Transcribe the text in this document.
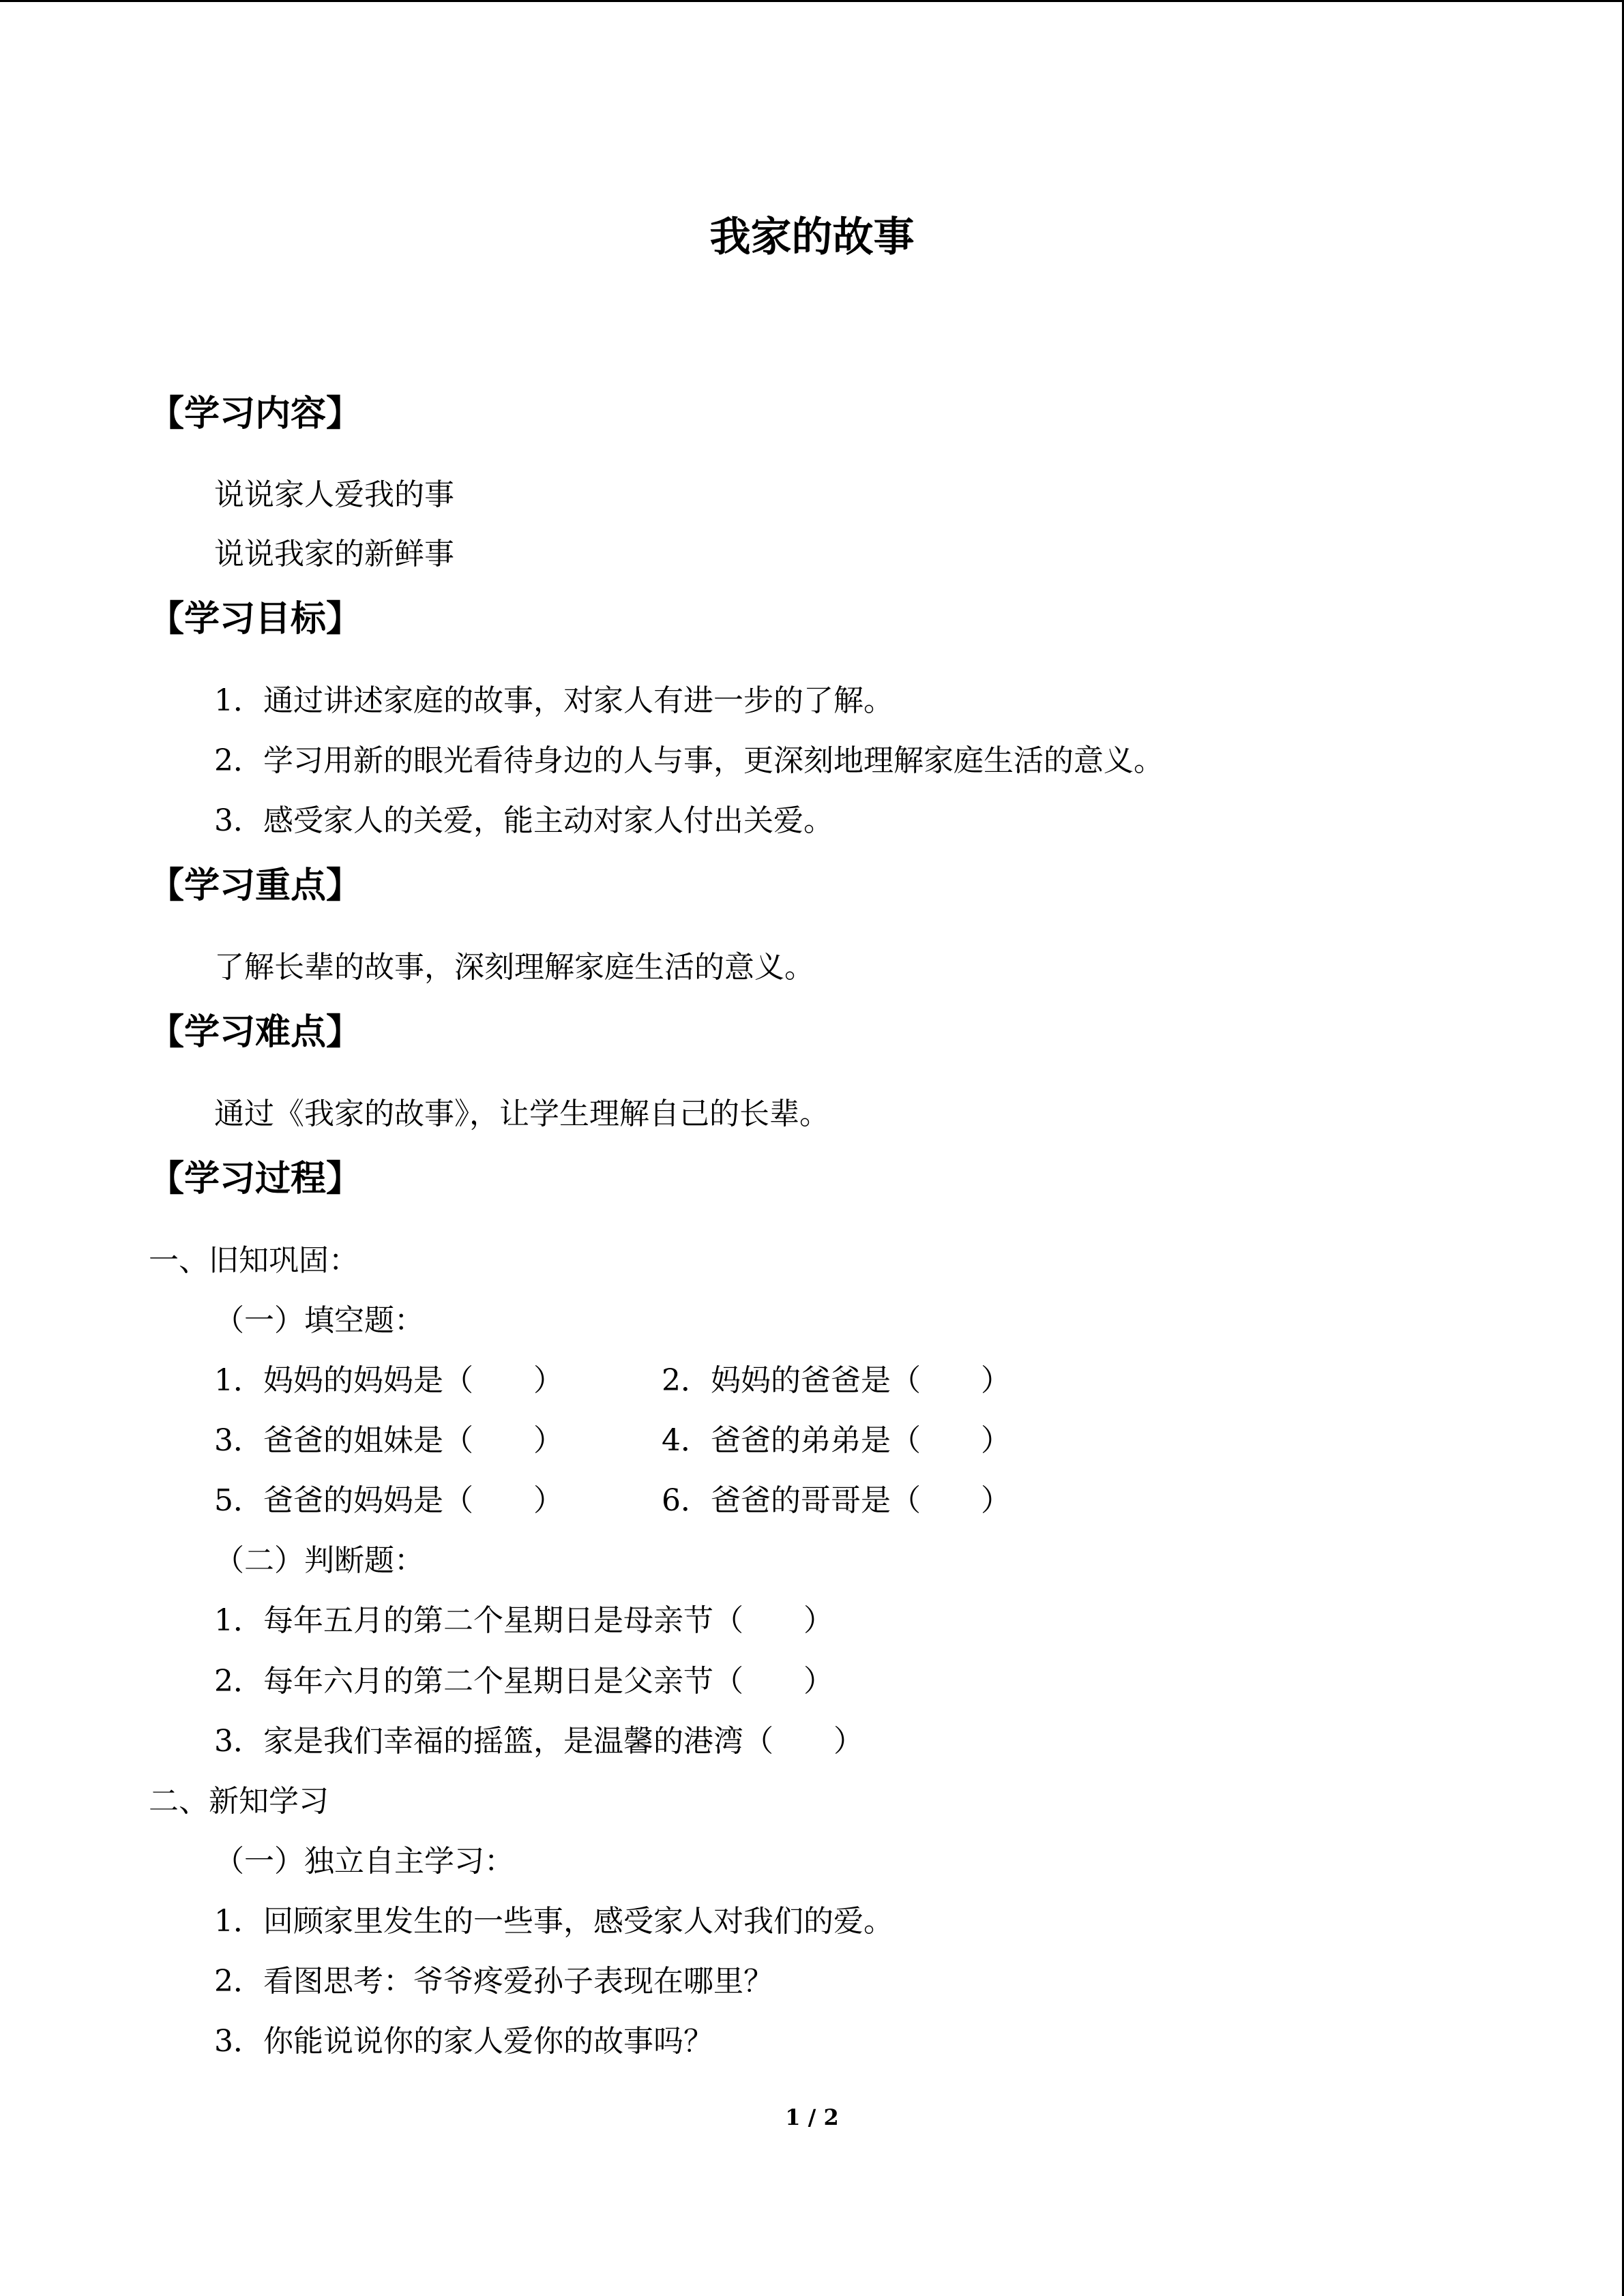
我家的故事
【学习内容】
说说家人爱我的事
说说我家的新鲜事
【学习目标】
1．通过讲述家庭的故事，对家人有进一步的了解。
2．学习用新的眼光看待身边的人与事，更深刻地理解家庭生活的意义。
3．感受家人的关爱，能主动对家人付出关爱。
【学习重点】
了解长辈的故事，深刻理解家庭生活的意义。
【学习难点】
通过《我家的故事》，让学生理解自己的长辈。
【学习过程】
一、旧知巩固：
（一）填空题：
1．妈妈的妈妈是（　　）	2．妈妈的爸爸是（　　）
3．爸爸的姐妹是（　　）	4．爸爸的弟弟是（　　）
5．爸爸的妈妈是（　　）	6．爸爸的哥哥是（　　）
（二）判断题：
1．每年五月的第二个星期日是母亲节（　　）
2．每年六月的第二个星期日是父亲节（　　）
3．家是我们幸福的摇篮，是温馨的港湾（　　）
二、新知学习
（一）独立自主学习：
1．回顾家里发生的一些事，感受家人对我们的爱。
2．看图思考：爷爷疼爱孙子表现在哪里？
3．你能说说你的家人爱你的故事吗？
1 / 2
